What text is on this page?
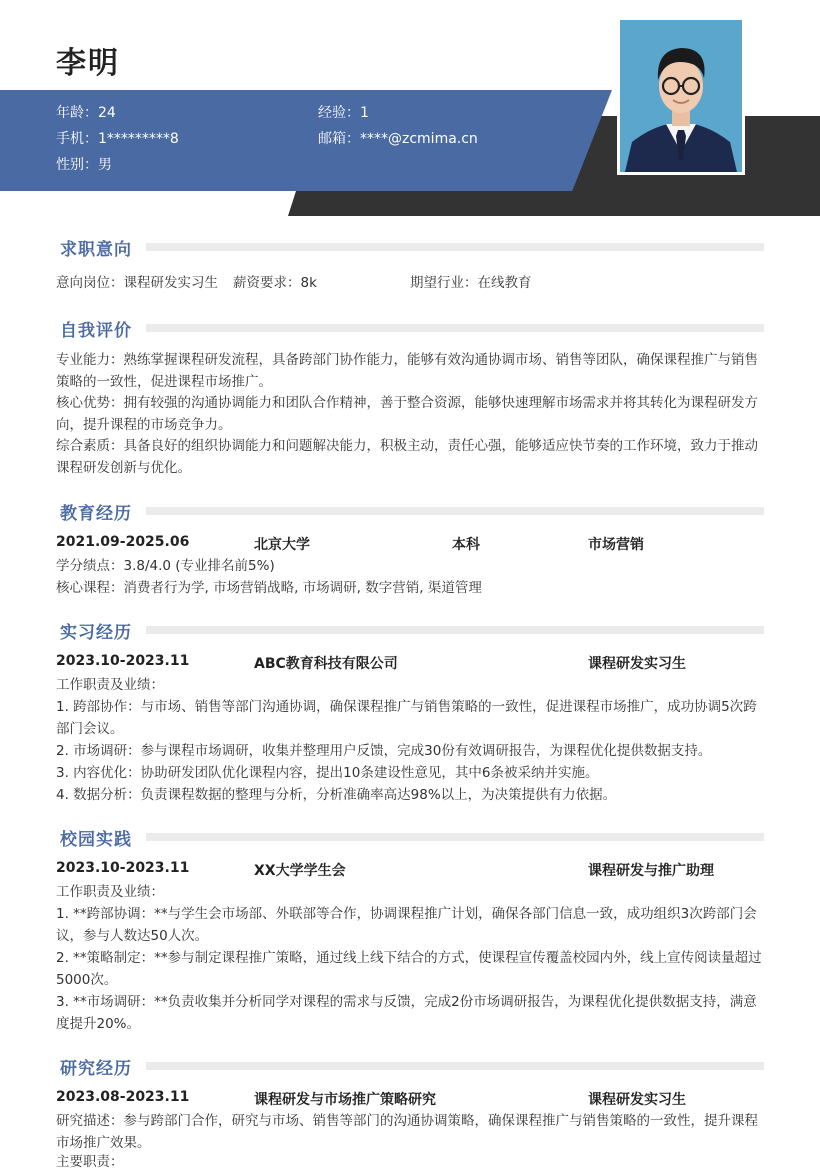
李明
年龄：24	经验：1
手机：1*********8	邮箱：****@zcmima.cn
性别：男
求职意向
意向岗位：课程研发实习生 薪资要求：8k	期望行业：在线教育
自我评价

专业能力：熟练掌握课程研发流程，具备跨部门协作能力，能够有效沟通协调市场、销售等团队，确保课程推广与销售策略的一致性，促进课程市场推广。

核心优势：拥有较强的沟通协调能力和团队合作精神，善于整合资源，能够快速理解市场需求并将其转化为课程研发方向，提升课程的市场竞争力。

综合素质：具备良好的组织协调能力和问题解决能力，积极主动，责任心强，能够适应快节奏的工作环境，致力于推动课程研发创新与优化。

教育经历
2021.09-2025.06	北京大学	本科	市场营销

学分绩点：3.8/4.0 (专业排名前5%)

核心课程：消费者行为学, 市场营销战略, 市场调研, 数字营销, 渠道管理

实习经历
2023.10-2023.11	ABC教育科技有限公司	课程研发实习生

工作职责及业绩：

1. 跨部协作：与市场、销售等部门沟通协调，确保课程推广与销售策略的一致性，促进课程市场推广，成功协调5次跨部门会议。

2. 市场调研：参与课程市场调研，收集并整理用户反馈，完成30份有效调研报告，为课程优化提供数据支持。

3. 内容优化：协助研发团队优化课程内容，提出10条建设性意见，其中6条被采纳并实施。

4. 数据分析：负责课程数据的整理与分析，分析准确率高达98%以上，为决策提供有力依据。

校园实践
2023.10-2023.11	XX大学学生会	课程研发与推广助理

工作职责及业绩：

1. **跨部协调：**与学生会市场部、外联部等合作，协调课程推广计划，确保各部门信息一致，成功组织3次跨部门会议，参与人数达50人次。

2. **策略制定：**参与制定课程推广策略，通过线上线下结合的方式，使课程宣传覆盖校园内外，线上宣传阅读量超过5000次。

3. **市场调研：**负责收集并分析同学对课程的需求与反馈，完成2份市场调研报告，为课程优化提供数据支持，满意度提升20%。

研究经历
2023.08-2023.11	课程研发与市场推广策略研究	课程研发实习生

研究描述：参与跨部门合作，研究与市场、销售等部门的沟通协调策略，确保课程推广与销售策略的一致性，提升课程市场推广效果。

主要职责：
